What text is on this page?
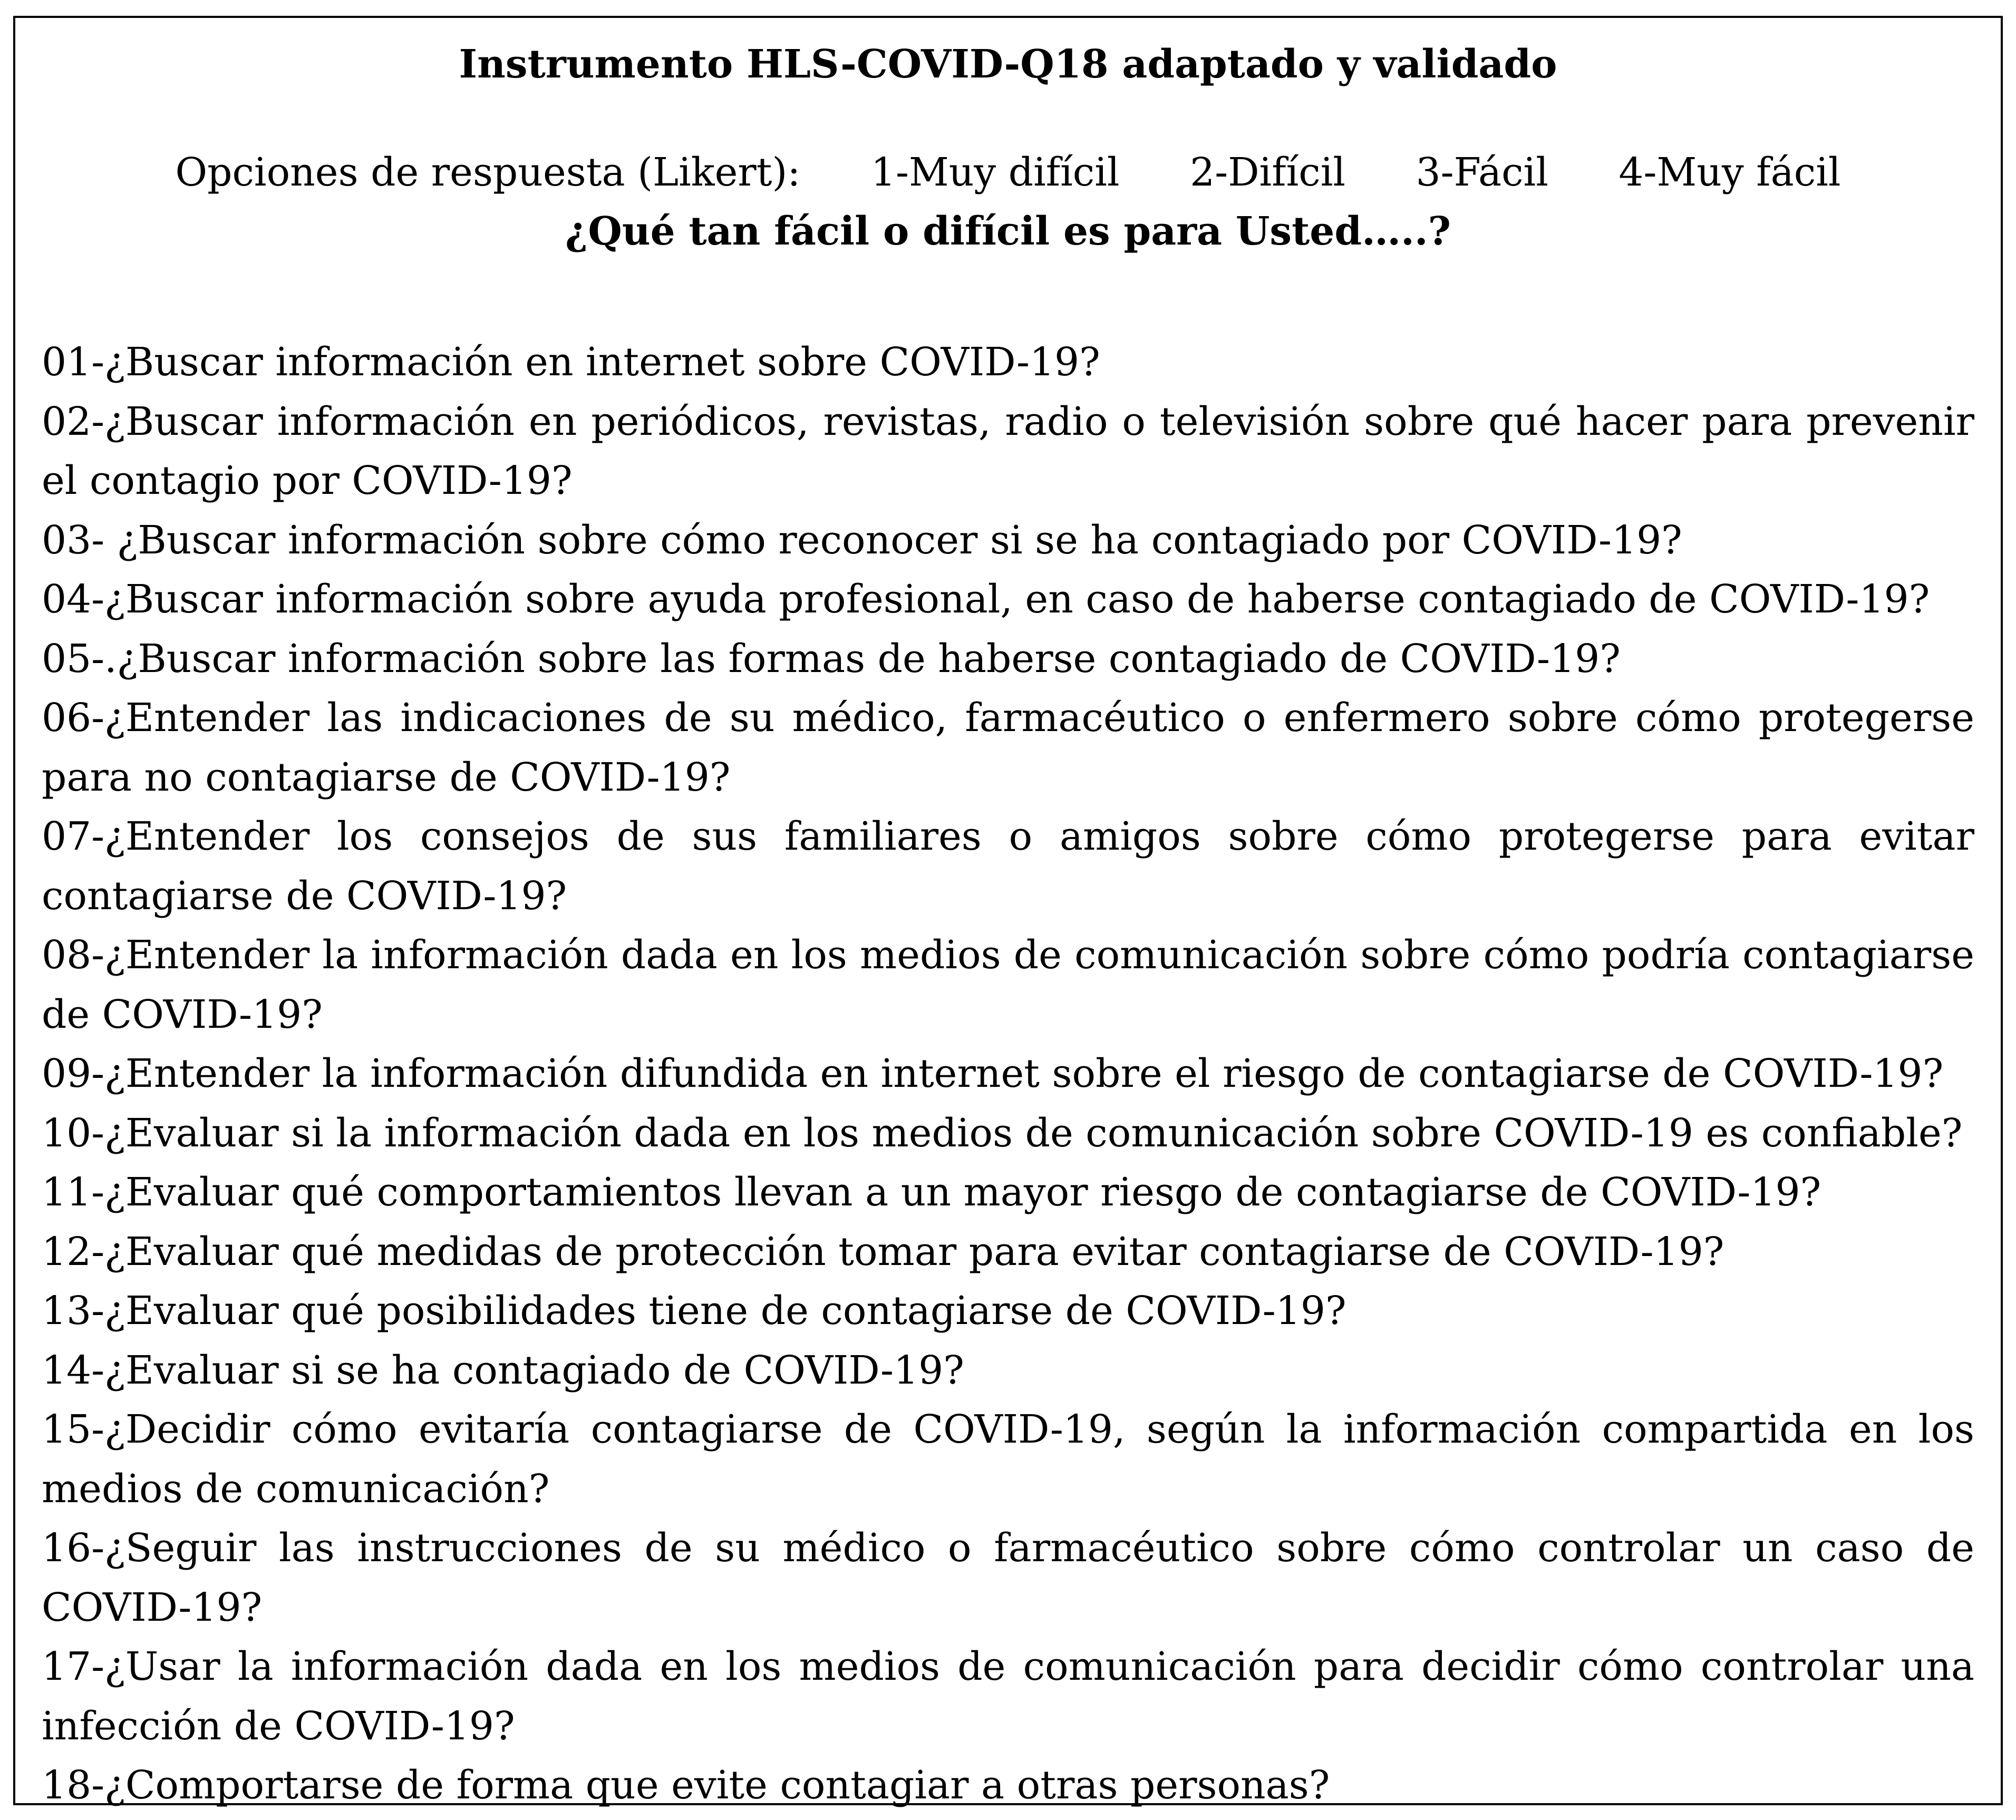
Instrumento HLS-COVID-Q18 adaptado y validado
Opciones de respuesta (Likert): 1-Muy difícil 2-Difícil 3-Fácil 4-Muy fácil
¿Qué tan fácil o difícil es para Usted…..?
01-¿Buscar información en internet sobre COVID-19?
02-¿Buscar información en periódicos, revistas, radio o televisión sobre qué hacer para prevenir el contagio por COVID-19?
03- ¿Buscar información sobre cómo reconocer si se ha contagiado por COVID-19?
04-¿Buscar información sobre ayuda profesional, en caso de haberse contagiado de COVID-19?
05-.¿Buscar información sobre las formas de haberse contagiado de COVID-19?
06-¿Entender las indicaciones de su médico, farmacéutico o enfermero sobre cómo protegerse para no contagiarse de COVID-19?
07-¿Entender los consejos de sus familiares o amigos sobre cómo protegerse para evitar contagiarse de COVID-19?
08-¿Entender la información dada en los medios de comunicación sobre cómo podría contagiarse de COVID-19?
09-¿Entender la información difundida en internet sobre el riesgo de contagiarse de COVID-19?
10-¿Evaluar si la información dada en los medios de comunicación sobre COVID-19 es confiable?
11-¿Evaluar qué comportamientos llevan a un mayor riesgo de contagiarse de COVID-19?
12-¿Evaluar qué medidas de protección tomar para evitar contagiarse de COVID-19?
13-¿Evaluar qué posibilidades tiene de contagiarse de COVID-19?
14-¿Evaluar si se ha contagiado de COVID-19?
15-¿Decidir cómo evitaría contagiarse de COVID-19, según la información compartida en los medios de comunicación?
16-¿Seguir las instrucciones de su médico o farmacéutico sobre cómo controlar un caso de COVID-19?
17-¿Usar la información dada en los medios de comunicación para decidir cómo controlar una infección de COVID-19?
18-¿Comportarse de forma que evite contagiar a otras personas?
